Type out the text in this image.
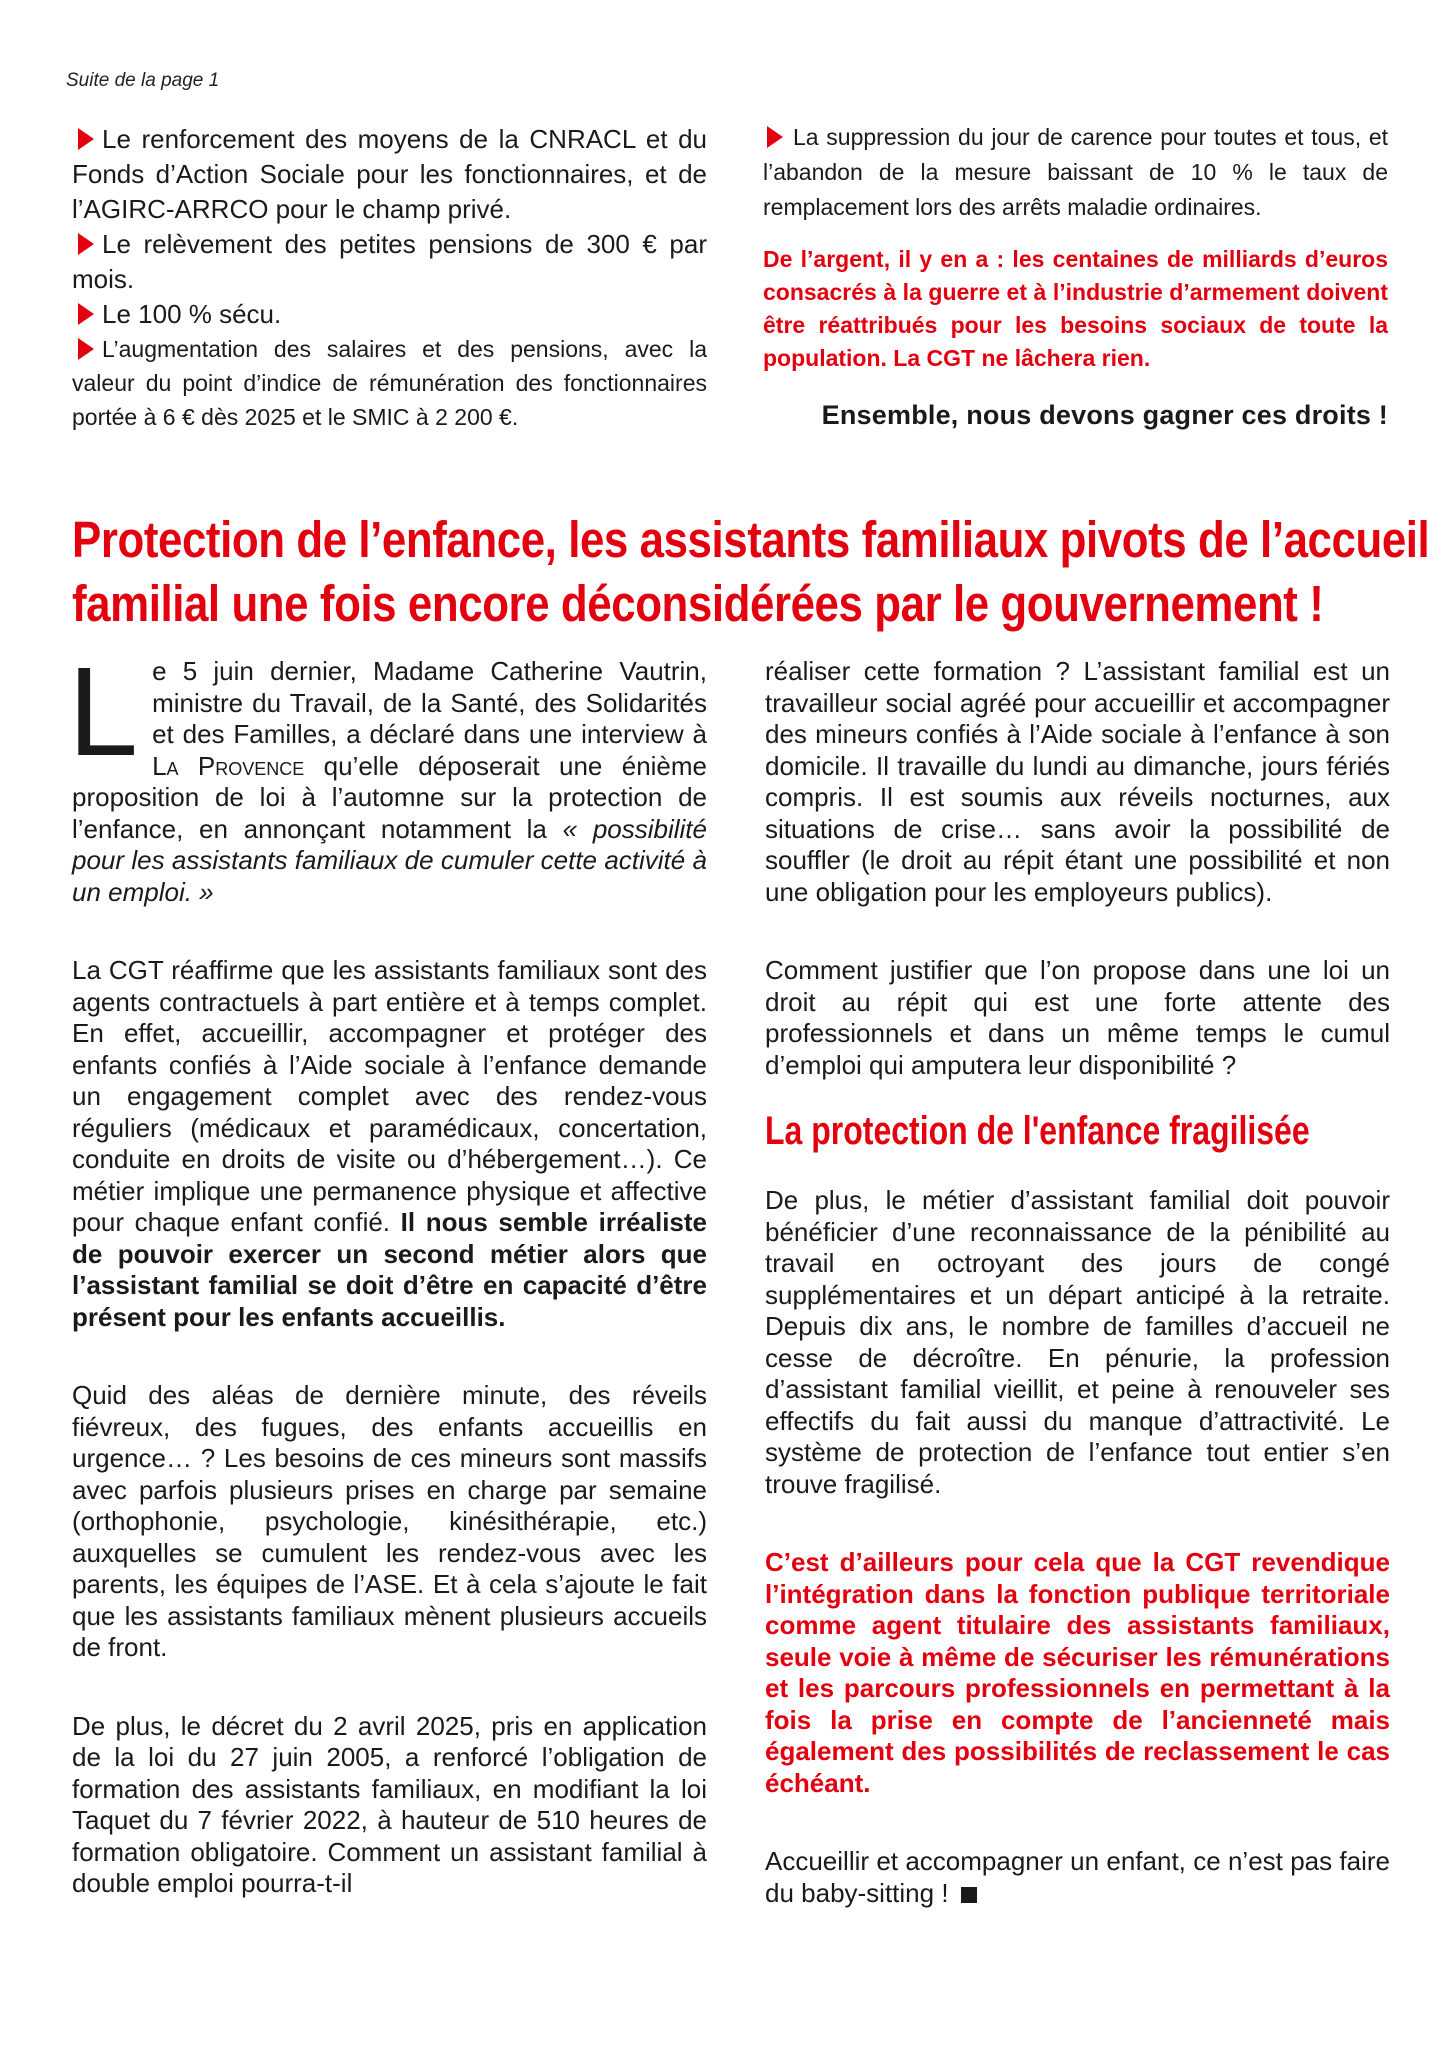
Suite de la page 1

Le renforcement des moyens de la CNRACL et du Fonds d’Action Sociale pour les fonctionnaires, et de l’AGIRC-ARRCO pour le champ privé.

Le relèvement des petites pensions de 300 € par mois.

Le 100 % sécu.

L’augmentation des salaires et des pensions, avec la valeur du point d’indice de rémunération des fonctionnaires portée à 6 € dès 2025 et le SMIC à 2 200 €.

La suppression du jour de carence pour toutes et tous, et l’abandon de la mesure baissant de 10 % le taux de remplacement lors des arrêts maladie ordinaires.

De l’argent, il y en a : les centaines de milliards d’euros consacrés à la guerre et à l’industrie d’armement doivent être réattribués pour les besoins sociaux de toute la population. La CGT ne lâchera rien.

Ensemble, nous devons gagner ces droits !

Protection de l’enfance, les assistants familiaux pivots de l’accueil
familial une fois encore déconsidérées par le gouvernement !

Le 5 juin dernier, Madame Catherine Vautrin, ministre du Travail, de la Santé, des Solidarités et des Familles, a déclaré dans une interview à La Provence qu’elle déposerait une énième proposition de loi à l’automne sur la protection de l’enfance, en annonçant notamment la « possibilité pour les assistants familiaux de cumuler cette activité à un emploi. »

La CGT réaffirme que les assistants familiaux sont des agents contractuels à part entière et à temps complet. En effet, accueillir, accompagner et protéger des enfants confiés à l’Aide sociale à l’enfance demande un engagement complet avec des rendez-vous réguliers (médicaux et paramédicaux, concertation, conduite en droits de visite ou d’hébergement…). Ce métier implique une permanence physique et affective pour chaque enfant confié. Il nous semble irréaliste de pouvoir exercer un second métier alors que l’assistant familial se doit d’être en capacité d’être présent pour les enfants accueillis.

Quid des aléas de dernière minute, des réveils fiévreux, des fugues, des enfants accueillis en urgence… ? Les besoins de ces mineurs sont massifs avec parfois plusieurs prises en charge par semaine (orthophonie, psychologie, kinésithérapie, etc.) auxquelles se cumulent les rendez-vous avec les parents, les équipes de l’ASE. Et à cela s’ajoute le fait que les assistants familiaux mènent plusieurs accueils de front.

De plus, le décret du 2 avril 2025, pris en application de la loi du 27 juin 2005, a renforcé l’obligation de formation des assistants familiaux, en modifiant la loi Taquet du 7 février 2022, à hauteur de 510 heures de formation obligatoire. Comment un assistant familial à double emploi pourra-t-il

réaliser cette formation ? L’assistant familial est un travailleur social agréé pour accueillir et accompagner des mineurs confiés à l’Aide sociale à l’enfance à son domicile. Il travaille du lundi au dimanche, jours fériés compris. Il est soumis aux réveils nocturnes, aux situations de crise… sans avoir la possibilité de souffler (le droit au répit étant une possibilité et non une obligation pour les employeurs publics).

Comment justifier que l’on propose dans une loi un droit au répit qui est une forte attente des professionnels et dans un même temps le cumul d’emploi qui amputera leur disponibilité ?

La protection de l'enfance fragilisée

De plus, le métier d’assistant familial doit pouvoir bénéficier d’une reconnaissance de la pénibilité au travail en octroyant des jours de congé supplémentaires et un départ anticipé à la retraite. Depuis dix ans, le nombre de familles d’accueil ne cesse de décroître. En pénurie, la profession d’assistant familial vieillit, et peine à renouveler ses effectifs du fait aussi du manque d’attractivité. Le système de protection de l’enfance tout entier s’en trouve fragilisé.

C’est d’ailleurs pour cela que la CGT revendique l’intégration dans la fonction publique territoriale comme agent titulaire des assistants familiaux, seule voie à même de sécuriser les rémunérations et les parcours professionnels en permettant à la fois la prise en compte de l’ancienneté mais également des possibilités de reclassement le cas échéant.

Accueillir et accompagner un enfant, ce n’est pas faire du baby-sitting !
